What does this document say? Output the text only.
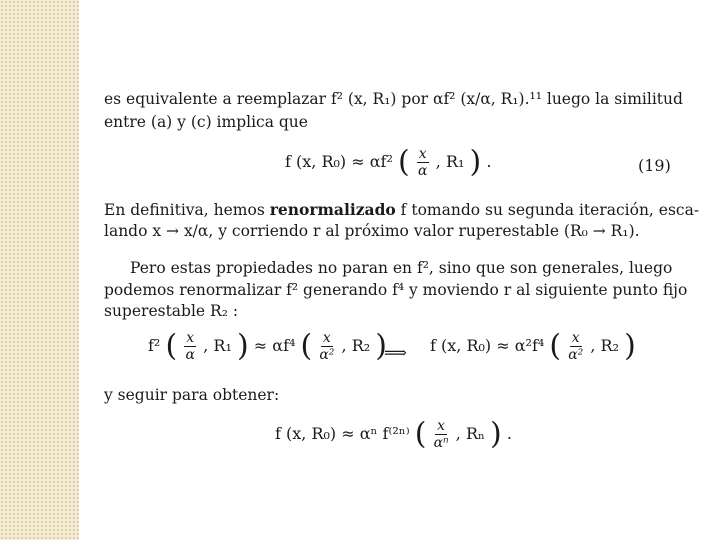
es equivalente a reemplazar f² (x, R₁) por αf² (x/α, R₁).¹¹ luego la similitud
entre (a) y (c) implica que
f (x, R₀) ≈ αf² ( $\frac{x}{\alpha}$ , R₁ ) .	(19)
En definitiva, hemos renormalizado f tomando su segunda iteración, esca-
lando x → x/α, y corriendo r al próximo valor ruperestable (R₀ → R₁).
Pero estas propiedades no paran en f², sino que son generales, luego
podemos renormalizar f² generando f⁴ y moviendo r al siguiente punto fijo
superestable R₂ :
f² ( $\frac{x}{\alpha}$ , R₁ ) ≈ αf⁴ ( $\frac{x}{\text{α²}}$ , R₂ )
⟹ f (x, R₀) ≈ α²f⁴ ( $\frac{x}{\text{α²}}$ , R₂ )
y seguir para obtener:
f (x, R₀) ≈ αⁿ f⁽²ⁿ⁾ ( $\frac{x}{\text{αⁿ}}$ , Rₙ ) .
